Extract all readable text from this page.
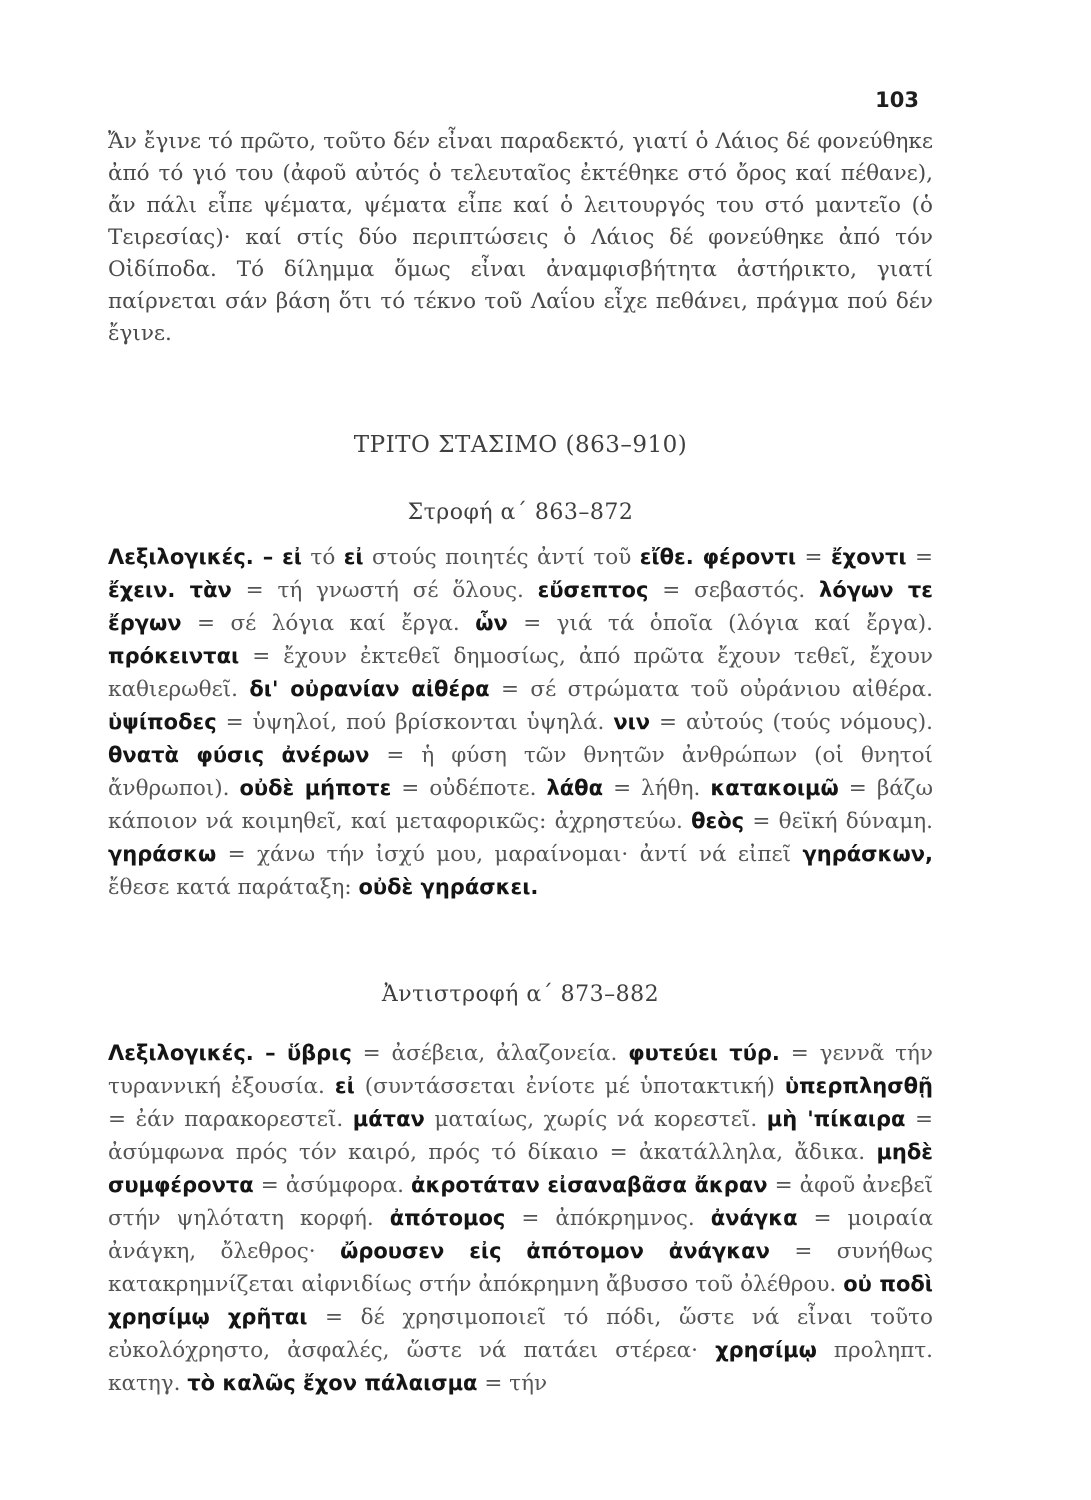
103

Ἄν ἔγινε τό πρῶτο, τοῦτο δέν εἶναι παραδεκτό, γιατί ὁ Λάιος δέ φονεύθηκε ἀπό τό γιό του (ἀφοῦ αὐτός ὁ τελευταῖος ἐκτέθηκε στό ὄρος καί πέθανε), ἄν πάλι εἶπε ψέματα, ψέματα εἶπε καί ὁ λειτουργός του στό μαντεῖο (ὁ Τειρεσίας)· καί στίς δύο περιπτώσεις ὁ Λάιος δέ φονεύθηκε ἀπό τόν Οἰδίποδα. Τό δίλημμα ὅμως εἶναι ἀναμφισβήτητα ἀστήρικτο, γιατί παίρνεται σάν βάση ὅτι τό τέκνο τοῦ Λαΐου εἶχε πεθάνει, πράγμα πού δέν ἔγινε.

ΤΡΙΤΟ ΣΤΑΣΙΜΟ (863–910)
Στροφή α΄ 863–872

Λεξιλογικές. – εἰ τό εἰ στούς ποιητές ἀντί τοῦ εἴθε. φέροντι = ἔχοντι = ἔχειν. τὰν = τή γνωστή σέ ὅλους. εὔσεπτος = σεβαστός. λόγων τε ἔργων = σέ λόγια καί ἔργα. ὧν = γιά τά ὁποῖα (λόγια καί ἔργα). πρόκεινται = ἔχουν ἐκτεθεῖ δημοσίως, ἀπό πρῶτα ἔχουν τεθεῖ, ἔχουν καθιερωθεῖ. δι' οὐρανίαν αἰθέρα = σέ στρώματα τοῦ οὐράνιου αἰθέρα. ὑψίποδες = ὑψηλοί, πού βρίσκονται ὑψηλά. νιν = αὐτούς (τούς νόμους). θνατὰ φύσις ἀνέρων = ἡ φύση τῶν θνητῶν ἀνθρώπων (οἱ θνητοί ἄνθρωποι). οὐδὲ μήποτε = οὐδέποτε. λάθα = λήθη. κατακοιμῶ = βάζω κάποιον νά κοιμηθεῖ, καί μεταφορικῶς: ἀχρηστεύω. θεὸς = θεϊκή δύναμη. γηράσκω = χάνω τήν ἰσχύ μου, μαραίνομαι· ἀντί νά εἰπεῖ γηράσκων, ἔθεσε κατά παράταξη: οὐδὲ γηράσκει.

Ἀντιστροφή α΄ 873–882

Λεξιλογικές. – ὕβρις = ἀσέβεια, ἀλαζονεία. φυτεύει τύρ. = γεννᾶ τήν τυραννική ἐξουσία. εἰ (συντάσσεται ἐνίοτε μέ ὑποτακτική) ὑπερπλησθῇ = ἐάν παρακορεστεῖ. μάταν ματαίως, χωρίς νά κορεστεῖ. μὴ 'πίκαιρα = ἀσύμφωνα πρός τόν καιρό, πρός τό δίκαιο = ἀκατάλληλα, ἄδικα. μηδὲ συμφέροντα = ἀσύμφορα. ἀκροτάταν εἰσαναβᾶσα ἄκραν = ἀφοῦ ἀνεβεῖ στήν ψηλότατη κορφή. ἀπότομος = ἀπόκρημνος. ἀνάγκα = μοιραία ἀνάγκη, ὄλεθρος· ὤρουσεν εἰς ἀπότομον ἀνάγκαν = συνήθως κατακρημνίζεται αἰφνιδίως στήν ἀπόκρημνη ἄβυσσο τοῦ ὀλέθρου. οὐ ποδὶ χρησίμῳ χρῆται = δέ χρησιμοποιεῖ τό πόδι, ὥστε νά εἶναι τοῦτο εὐκολόχρηστο, ἀσφαλές, ὥστε νά πατάει στέρεα· χρησίμῳ προληπτ. κατηγ. τὸ καλῶς ἔχον πάλαισμα = τήν
